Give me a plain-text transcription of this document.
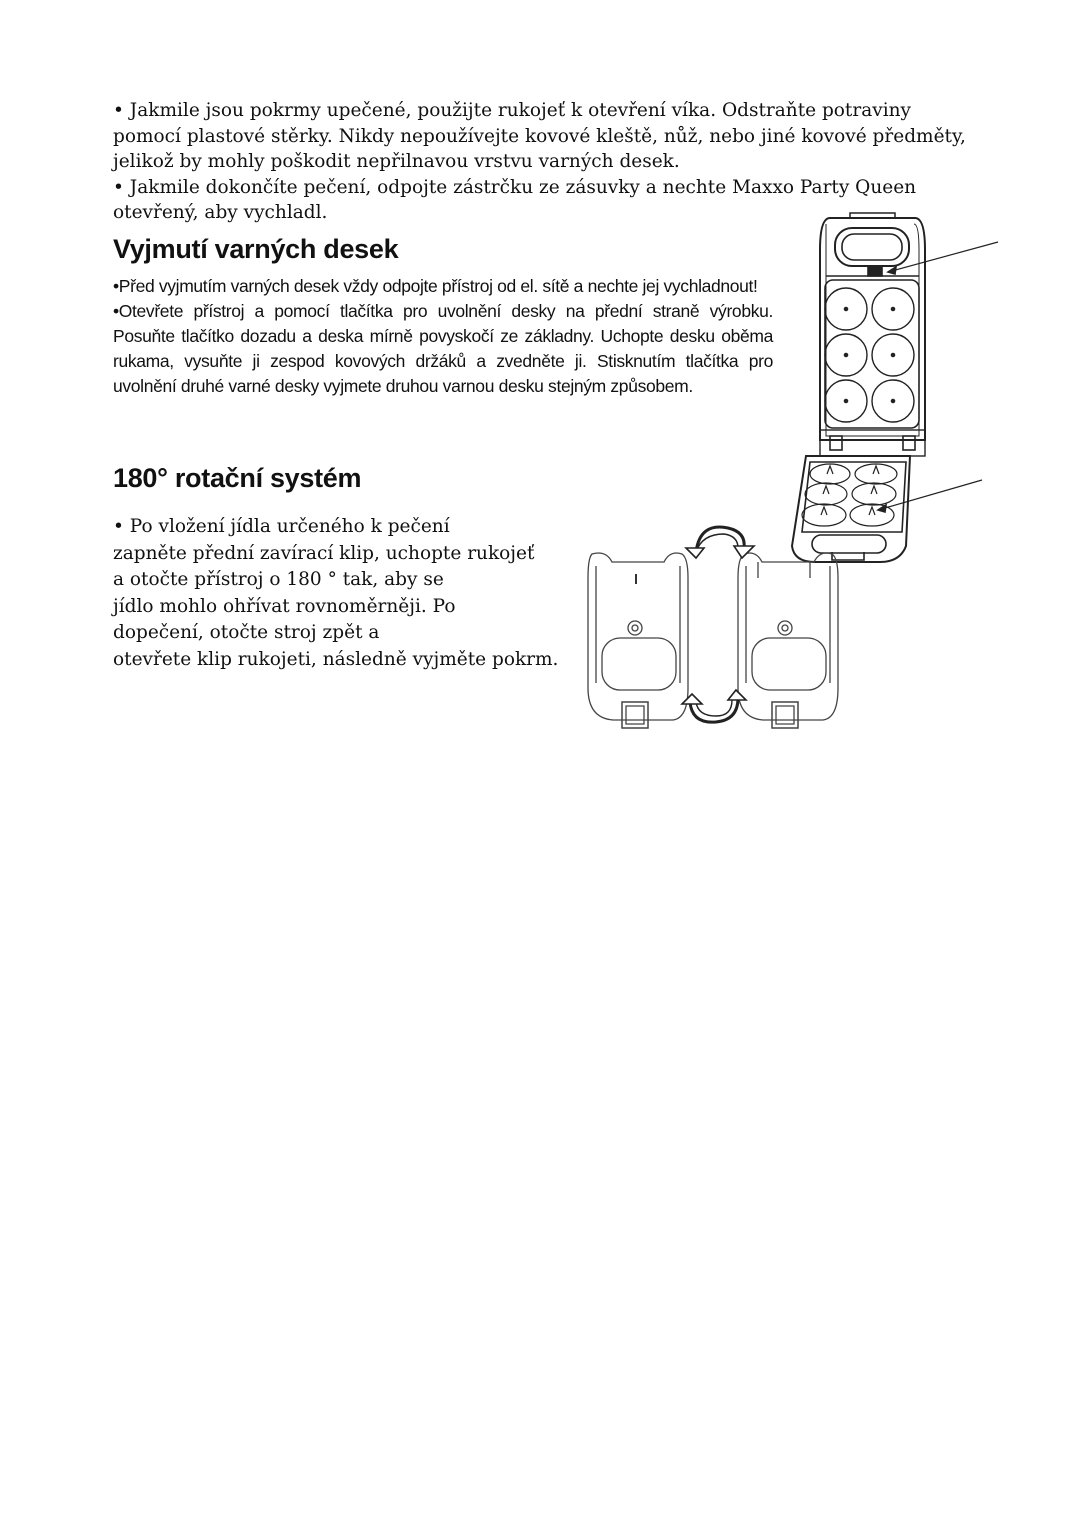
• Jakmile jsou pokrmy upečené, použijte rukojeť k otevření víka. Odstraňte potraviny pomocí plastové stěrky. Nikdy nepoužívejte kovové kleště, nůž, nebo jiné kovové předměty, jelikož by mohly poškodit nepřilnavou vrstvu varných desek.

• Jakmile dokončíte pečení, odpojte zástrčku ze zásuvky a nechte Maxxo Party Queen otevřený, aby vychladl.

Vyjmutí varných desek

•Před vyjmutím varných desek vždy odpojte přístroj od el. sítě a nechte jej vychladnout!

•Otevřete přístroj a pomocí tlačítka pro uvolnění desky na přední straně výrobku. Posuňte tlačítko dozadu a deska mírně povyskočí ze základny. Uchopte desku oběma rukama, vysuňte ji zespod kovových držáků a zvedněte ji. Stisknutím tlačítka pro uvolnění druhé varné desky vyjmete druhou varnou desku stejným způsobem.

180° rotační systém
• Po vložení jídla určeného k pečení
zapněte přední zavírací klip, uchopte rukojeť
a otočte přístroj o 180 ° tak, aby se
jídlo mohlo ohřívat rovnoměrněji. Po
dopečení, otočte stroj zpět a
otevřete klip rukojeti, následně vyjměte pokrm.
